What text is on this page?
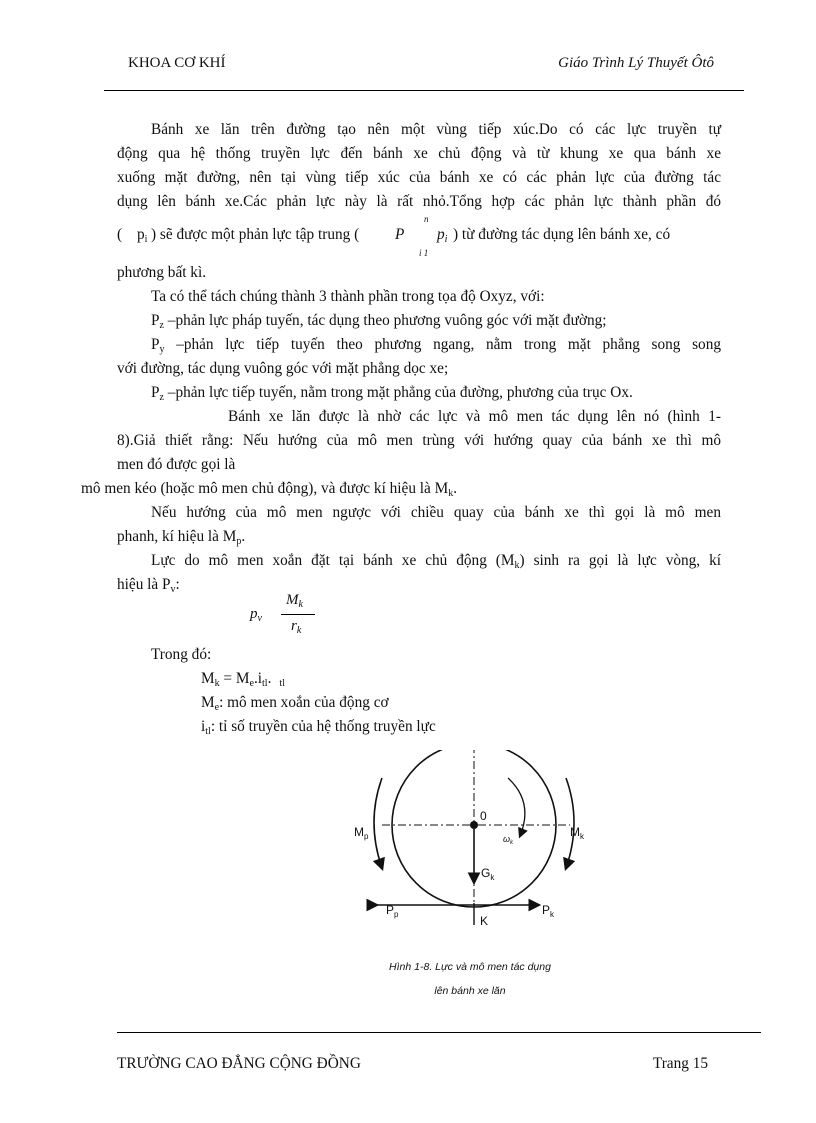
KHOA CƠ KHÍ	Giáo Trình Lý Thuyết Ôtô
Bánh xe lăn trên đường tạo nên một vùng tiếp xúc.Do có các lực truyền tự
động qua hệ thống truyền lực đến bánh xe chủ động và từ khung xe qua bánh xe
xuống mặt đường, nên tại vùng tiếp xúc của bánh xe có các phản lực của đường tác
dụng lên bánh xe.Các phản lực này là rất nhỏ.Tổng hợp các phản lực thành phần đó
( $p_i$ ) sẽ được một phản lực tập trung ( P
n
i 1
$p_i$ ) từ đường tác dụng lên bánh xe, có
phương bất kì.
Ta có thể tách chúng thành 3 thành phần trong tọa độ Oxyz, với:
$P_z$ –phản lực pháp tuyến, tác dụng theo phương vuông góc với mặt đường;
$P_y$ –phản lực tiếp tuyến theo phương ngang, nằm trong mặt phẳng song song
với đường, tác dụng vuông góc với mặt phẳng dọc xe;
$P_z$ –phản lực tiếp tuyến, nằm trong mặt phẳng của đường, phương của trục Ox.
Bánh xe lăn được là nhờ các lực và mô men tác dụng lên nó (hình 1-
8).Giả thiết rằng: Nếu hướng của mô men trùng với hướng quay của bánh xe thì mô
men đó được gọi là
mô men kéo (hoặc mô men chủ động), và được kí hiệu là $M_k$.
Nếu hướng của mô men ngược với chiều quay của bánh xe thì gọi là mô men
phanh, kí hiệu là $M_p$.
Lực do mô men xoắn đặt tại bánh xe chủ động $(M_k)$ sinh ra gọi là lực vòng, kí
hiệu là $P_v$:
$p_v$
$M_k$
$r_k$
Trong đó:
$M_k = M_e.i_{tl}$. $_{tl}$
$M_e$: mô men xoắn của động cơ
$i_{tl}$: tỉ số truyền của hệ thống truyền lực
0
$M_p$	$M_k$
$\omega_k$
$G_k$
$P_p$	$P_k$
K
Hình 1-8. Lực và mô men tác dụng
lên bánh xe lăn
TRƯỜNG CAO ĐẲNG CỘNG ĐỒNG	Trang 15
